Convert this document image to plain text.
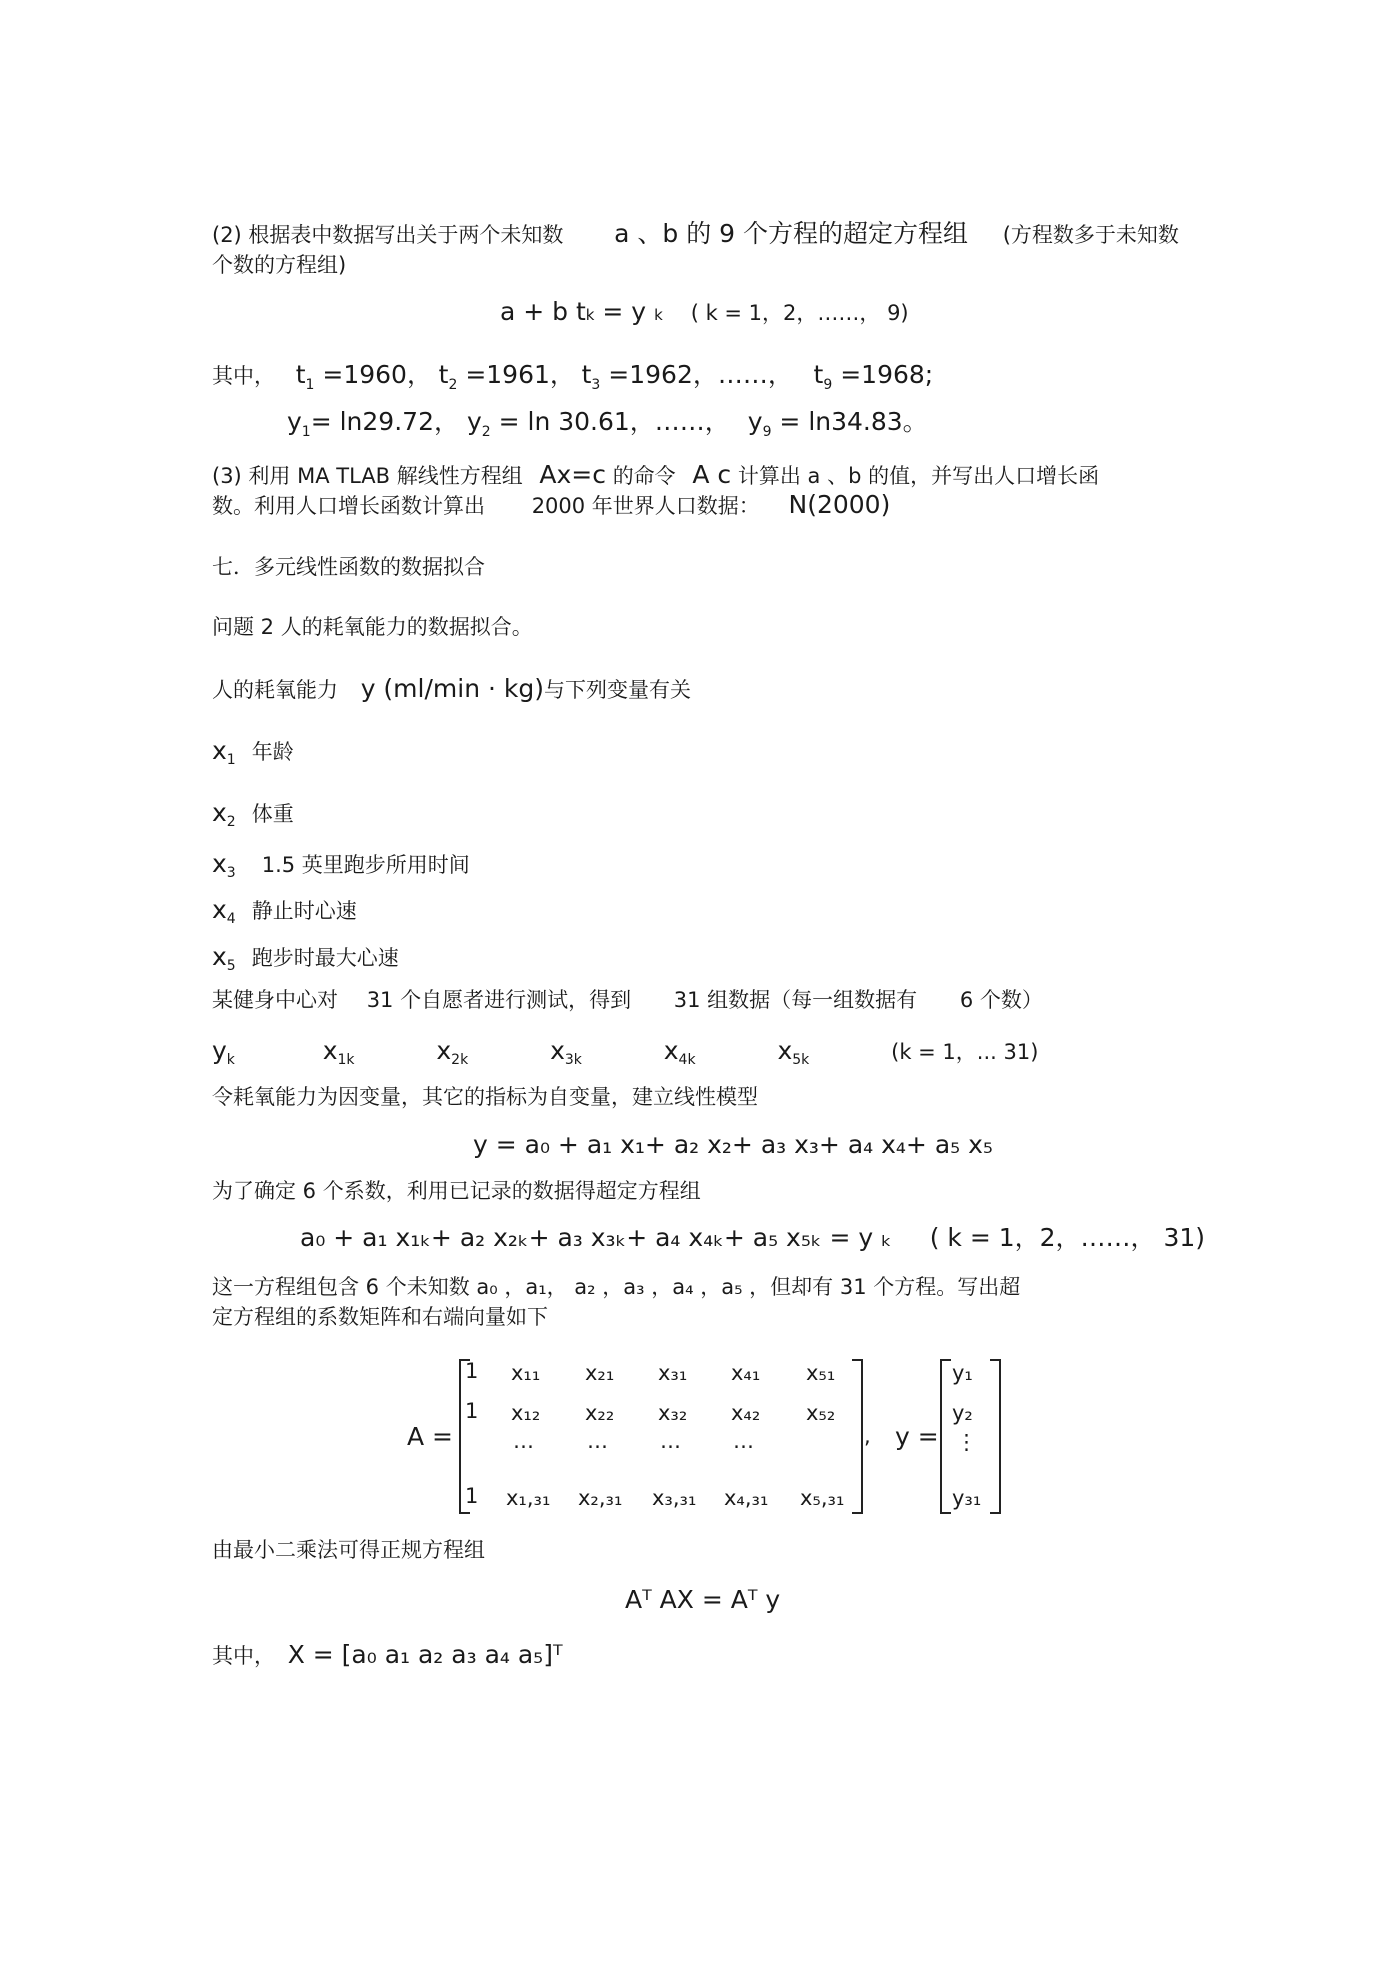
(2) 根据表中数据写出关于两个未知数 a 、b 的 9 个方程的超定方程组 (方程数多于未知数
个数的方程组)
a + b tk = y k ( k = 1，2，……， 9)
其中， $t_1 =1960$， $t_2 =1961$， $t_3 =1962$，……， $t_9 =1968$;
$y_1= \ln 29.72$， $y_2 = \ln 30.61$，……， $y_9 = \ln 34.83$。
(3) 利用 MA TLAB 解线性方程组 Ax=c 的命令 A c 计算出 a 、b 的值，并写出人口增长函
数。利用人口增长函数计算出 2000 年世界人口数据： N(2000)
七．多元线性函数的数据拟合
问题 2 人的耗氧能力的数据拟合。
人的耗氧能力 y (ml/min · kg)与下列变量有关
$x_1$ 年龄
$x_2$ 体重
$x_3$ 1.5 英里跑步所用时间
$x_4$ 静止时心速
$x_5$ 跑步时最大心速
某健身中心对 31 个自愿者进行测试，得到 31 组数据（每一组数据有 6 个数）
$y_k$	$x_{1k}$	$x_{2k}$	$x_{3k}$	$x_{4k}$	$x_{5k}$	(k = 1，... 31)
令耗氧能力为因变量，其它的指标为自变量，建立线性模型
y = a₀ + a₁ x₁+ a₂ x₂+ a₃ x₃+ a₄ x₄+ a₅ x₅
为了确定 6 个系数，利用已记录的数据得超定方程组
a₀ + a₁ x₁ₖ+ a₂ x₂ₖ+ a₃ x₃ₖ+ a₄ x₄ₖ+ a₅ x₅ₖ = y ₖ ( k = 1，2，……， 31)
这一方程组包含 6 个未知数 a₀ ，a₁， a₂ ，a₃ ，a₄ ，a₅ ，但却有 31 个方程。写出超
定方程组的系数矩阵和右端向量如下
A =
1 x₁₁ x₂₁ x₃₁ x₄₁ x₅₁
1 x₁₂ x₂₂ x₃₂ x₄₂ x₅₂
…	… … …
1 x₁,₃₁ x₂,₃₁ x₃,₃₁ x₄,₃₁ x₅,₃₁
, y =
y₁
y₂
⋮
y₃₁
由最小二乘法可得正规方程组
Aᵀ AX = Aᵀ y
其中， X = [a₀ a₁ a₂ a₃ a₄ a₅]ᵀ
